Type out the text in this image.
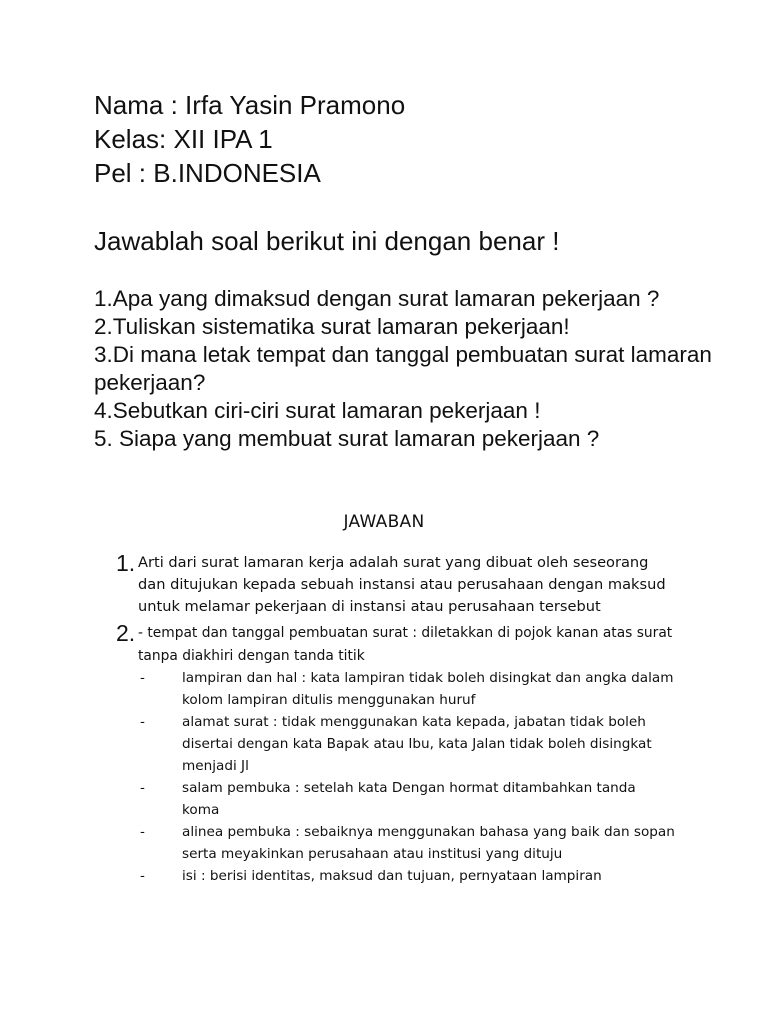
Nama : Irfa Yasin Pramono
Kelas: XII IPA 1
Pel : B.INDONESIA
Jawablah soal berikut ini dengan benar !
1.Apa yang dimaksud dengan surat lamaran pekerjaan ?
2.Tuliskan sistematika surat lamaran pekerjaan!
3.Di mana letak tempat dan tanggal pembuatan surat lamaran pekerjaan?
4.Sebutkan ciri-ciri surat lamaran pekerjaan !
5. Siapa yang membuat surat lamaran pekerjaan ?
JAWABAN
1. Arti dari surat lamaran kerja adalah surat yang dibuat oleh seseorang dan ditujukan kepada sebuah instansi atau perusahaan dengan maksud untuk melamar pekerjaan di instansi atau perusahaan tersebut
2. - tempat dan tanggal pembuatan surat : diletakkan di pojok kanan atas surat tanpa diakhiri dengan tanda titik
-	lampiran dan hal : kata lampiran tidak boleh disingkat dan angka dalam kolom lampiran ditulis menggunakan huruf
-	alamat surat : tidak menggunakan kata kepada, jabatan tidak boleh disertai dengan kata Bapak atau Ibu, kata Jalan tidak boleh disingkat menjadi Jl
-	salam pembuka : setelah kata Dengan hormat ditambahkan tanda koma
-	alinea pembuka : sebaiknya menggunakan bahasa yang baik dan sopan serta meyakinkan perusahaan atau institusi yang dituju
-	isi : berisi identitas, maksud dan tujuan, pernyataan lampiran
